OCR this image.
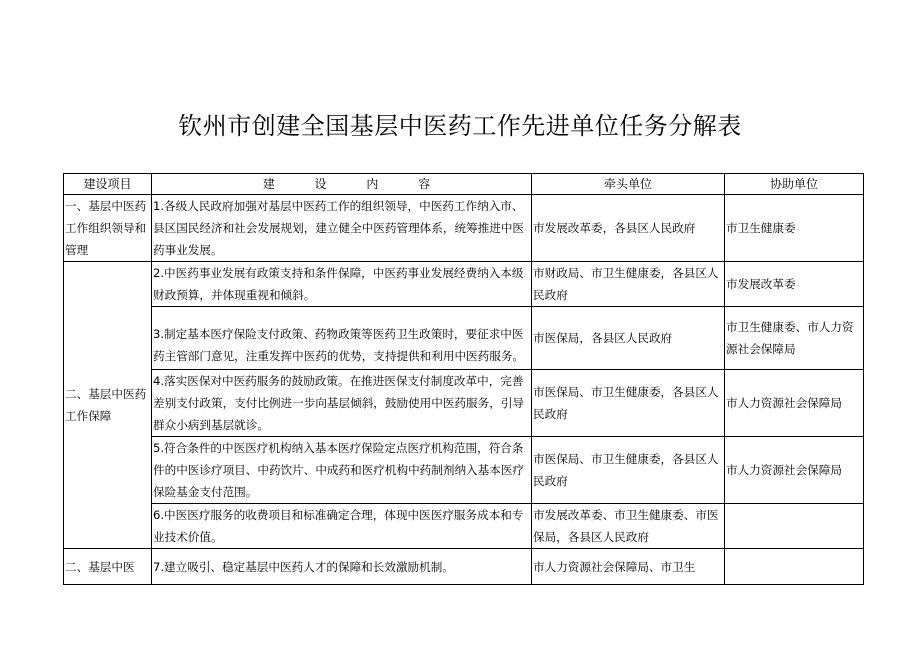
钦州市创建全国基层中医药工作先进单位任务分解表
建设项目	建 设 内 容	牵头单位	协助单位
一、基层中医药工作组织领导和管理	1.各级人民政府加强对基层中医药工作的组织领导，中医药工作纳入市、县区国民经济和社会发展规划，建立健全中医药管理体系，统筹推进中医药事业发展。	市发展改革委，各县区人民政府	市卫生健康委
二、基层中医药工作保障	2.中医药事业发展有政策支持和条件保障，中医药事业发展经费纳入本级财政预算，并体现重视和倾斜。	市财政局、市卫生健康委，各县区人民政府	市发展改革委
	3.制定基本医疗保险支付政策、药物政策等医药卫生政策时，要征求中医药主管部门意见，注重发挥中医药的优势，支持提供和利用中医药服务。	市医保局，各县区人民政府	市卫生健康委、市人力资源社会保障局
	4.落实医保对中医药服务的鼓励政策。在推进医保支付制度改革中，完善差别支付政策，支付比例进一步向基层倾斜，鼓励使用中医药服务，引导群众小病到基层就诊。	市医保局、市卫生健康委，各县区人民政府	市人力资源社会保障局
	5.符合条件的中医医疗机构纳入基本医疗保险定点医疗机构范围，符合条件的中医诊疗项目、中药饮片、中成药和医疗机构中药制剂纳入基本医疗保险基金支付范围。	市医保局、市卫生健康委，各县区人民政府	市人力资源社会保障局
	6.中医医疗服务的收费项目和标准确定合理，体现中医医疗服务成本和专业技术价值。	市发展改革委、市卫生健康委、市医保局，各县区人民政府	
二、基层中医	7.建立吸引、稳定基层中医药人才的保障和长效激励机制。	市人力资源社会保障局、市卫生	
